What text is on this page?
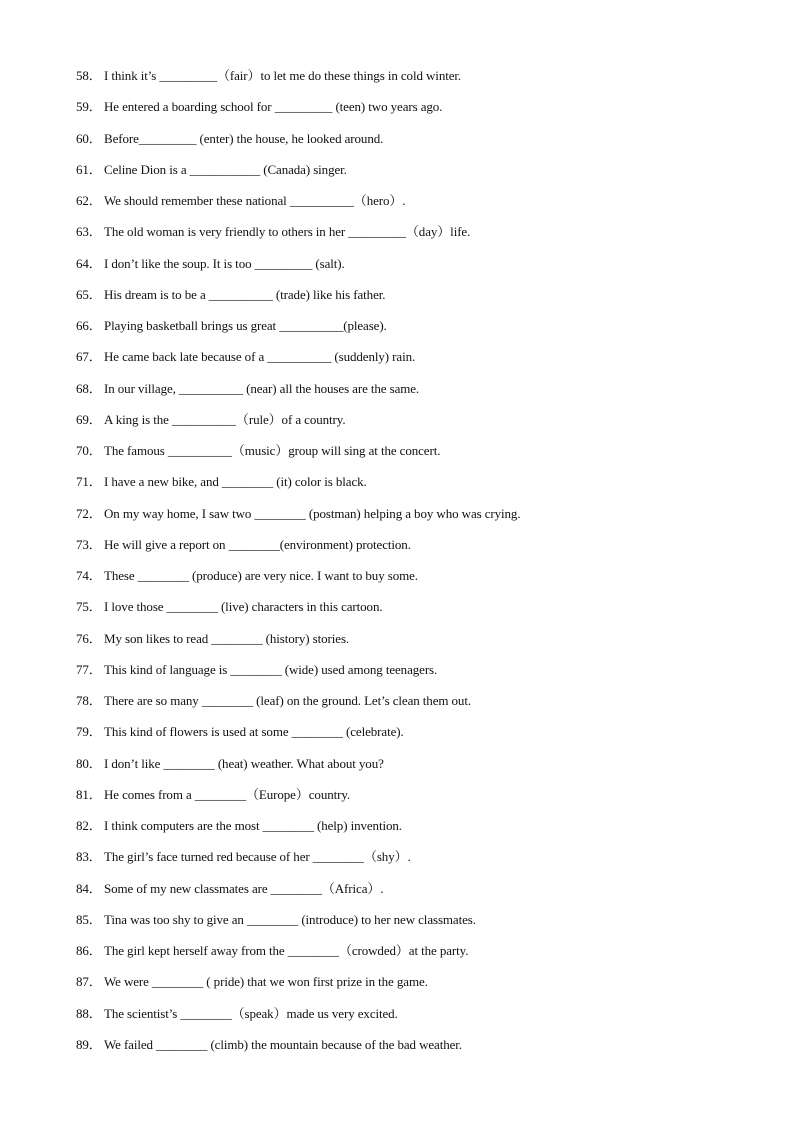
58． I think it’s _________（fair）to let me do these things in cold winter.
59． He entered a boarding school for _________ (teen) two years ago.
60． Before_________ (enter) the house, he looked around.
61． Celine Dion is a ___________ (Canada) singer.
62． We should remember these national __________（hero）.
63． The old woman is very friendly to others in her _________（day）life.
64． I don’t like the soup. It is too _________ (salt).
65． His dream is to be a __________ (trade) like his father.
66． Playing basketball brings us great __________(please).
67． He came back late because of a __________ (suddenly) rain.
68． In our village, __________ (near) all the houses are the same.
69． A king is the __________（rule）of a country.
70． The famous __________（music）group will sing at the concert.
71． I have a new bike, and ________ (it) color is black.
72． On my way home, I saw two ________ (postman) helping a boy who was crying.
73． He will give a report on ________(environment) protection.
74． These ________ (produce) are very nice. I want to buy some.
75． I love those ________ (live) characters in this cartoon.
76． My son likes to read ________ (history) stories.
77． This kind of language is ________ (wide) used among teenagers.
78． There are so many ________ (leaf) on the ground. Let’s clean them out.
79． This kind of flowers is used at some ________ (celebrate).
80． I don’t like ________ (heat) weather. What about you?
81． He comes from a ________（Europe）country.
82． I think computers are the most ________ (help) invention.
83． The girl’s face turned red because of her ________（shy）.
84． Some of my new classmates are ________（Africa）.
85． Tina was too shy to give an ________ (introduce) to her new classmates.
86． The girl kept herself away from the ________（crowded）at the party.
87． We were ________ ( pride) that we won first prize in the game.
88． The scientist’s ________（speak）made us very excited.
89． We failed ________ (climb) the mountain because of the bad weather.
